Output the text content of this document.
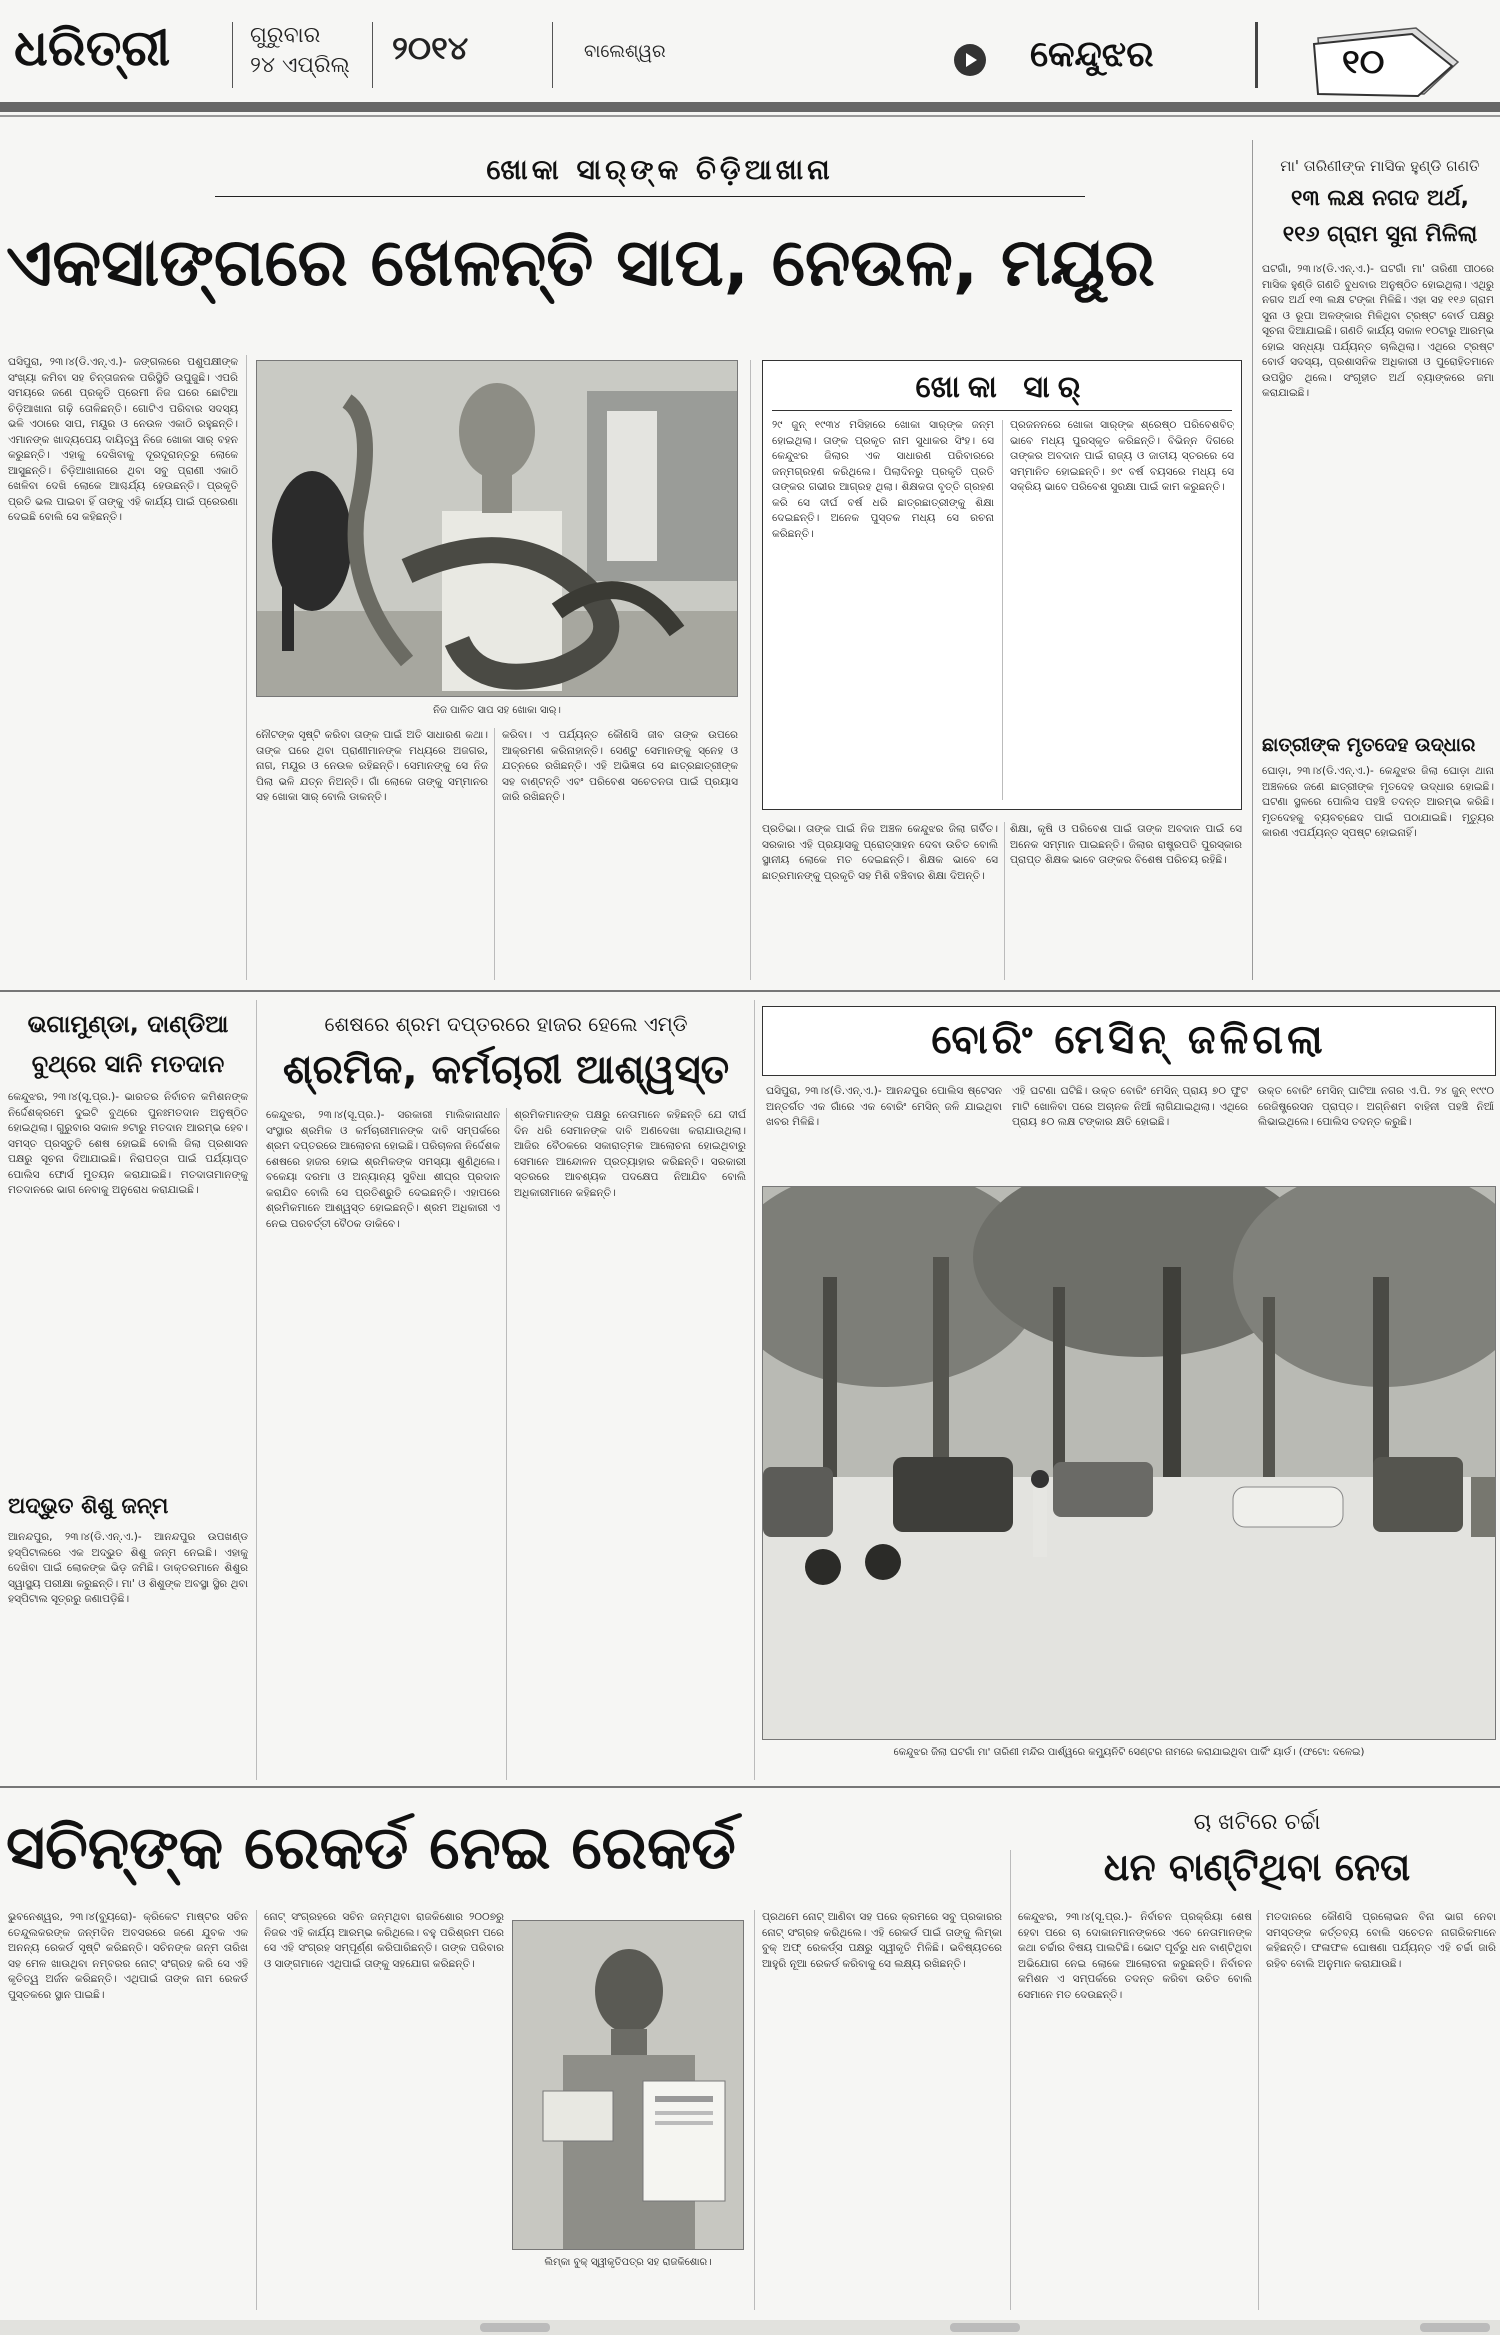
ଧରିତ୍ରୀ	ଗୁରୁବାର
୨୪ ଏପ୍ରିଲ୍ ୨୦୧୪	ବାଲେଶ୍ୱର	କେନ୍ଦୁଝର	୧୦
ଖୋକା ସାର୍‌ଙ୍କ ଚିଡ଼ିଆଖାନା
ଏକସାଙ୍ଗରେ ଖେଳନ୍ତି ସାପ, ନେଉଳ, ମୟୂର
ଘସିପୁରା, ୨୩।୪(ଡି.ଏନ୍.ଏ.)- ଜଙ୍ଗଲରେ ପଶୁପକ୍ଷୀଙ୍କ ସଂଖ୍ୟା କମିବା ସହ ଚିନ୍ତାଜନକ ପରିସ୍ଥିତି ଉପୁଜୁଛି। ଏପରି ସମୟରେ ଜଣେ ପ୍ରକୃତି ପ୍ରେମୀ ନିଜ ଘରେ ଛୋଟିଆ ଚିଡ଼ିଆଖାନା ଗଢ଼ି ତୋଳିଛନ୍ତି। ଗୋଟିଏ ପରିବାର ସଦସ୍ୟ ଭଳି ଏଠାରେ ସାପ, ମୟୂର ଓ ନେଉଳ ଏକାଠି ରହୁଛନ୍ତି। ଏମାନଙ୍କ ଖାଦ୍ୟପେୟ ଦାୟିତ୍ୱ ନିଜେ ଖୋକା ସାର୍ ବହନ କରୁଛନ୍ତି। ଏହାକୁ ଦେଖିବାକୁ ଦୂରଦୂରାନ୍ତରୁ ଲୋକେ ଆସୁଛନ୍ତି। ଚିଡ଼ିଆଖାନାରେ ଥିବା ସବୁ ପ୍ରାଣୀ ଏକାଠି ଖେଳିବା ଦେଖି ଲୋକେ ଆଶ୍ଚର୍ଯ୍ୟ ହେଉଛନ୍ତି। ପ୍ରକୃତି ପ୍ରତି ଭଲ ପାଇବା ହିଁ ତାଙ୍କୁ ଏହି କାର୍ଯ୍ୟ ପାଇଁ ପ୍ରେରଣା ଦେଇଛି ବୋଲି ସେ କହିଛନ୍ତି।
ନିଜ ପାଳିତ ସାପ ସହ ଖୋକା ସାର୍।
ନୌଟଙ୍କ ସୃଷ୍ଟି କରିବା ତାଙ୍କ ପାଇଁ ଅତି ସାଧାରଣ କଥା। ତାଙ୍କ ଘରେ ଥିବା ପ୍ରାଣୀମାନଙ୍କ ମଧ୍ୟରେ ଅଜଗର, ନାଗ, ମୟୂର ଓ ନେଉଳ ରହିଛନ୍ତି। ସେମାନଙ୍କୁ ସେ ନିଜ ପିଲା ଭଳି ଯତ୍ନ ନିଅନ୍ତି। ଗାଁ ଲୋକେ ତାଙ୍କୁ ସମ୍ମାନର ସହ ଖୋକା ସାର୍ ବୋଲି ଡାକନ୍ତି।
କରିବା। ଏ ପର୍ଯ୍ୟନ୍ତ କୌଣସି ଜୀବ ତାଙ୍କ ଉପରେ ଆକ୍ରମଣ କରିନାହାନ୍ତି। ସେଣ୍ଟୁ ସେମାନଙ୍କୁ ସ୍ନେହ ଓ ଯତ୍ନରେ ରଖିଛନ୍ତି। ଏହି ଅଭିଜ୍ଞତା ସେ ଛାତ୍ରଛାତ୍ରୀଙ୍କ ସହ ବାଣ୍ଟନ୍ତି ଏବଂ ପରିବେଶ ସଚେତନତା ପାଇଁ ପ୍ରୟାସ ଜାରି ରଖିଛନ୍ତି।
ଖୋକା ସାର୍
୨୯ ଜୁନ୍ ୧୯୩୪ ମସିହାରେ ଖୋକା ସାର୍‌ଙ୍କ ଜନ୍ମ ହୋଇଥିଲା। ତାଙ୍କ ପ୍ରକୃତ ନାମ ସୁଧାକର ସିଂହ। ସେ କେନ୍ଦୁଝର ଜିଲାର ଏକ ସାଧାରଣ ପରିବାରରେ ଜନ୍ମଗ୍ରହଣ କରିଥିଲେ। ପିଲାଦିନରୁ ପ୍ରକୃତି ପ୍ରତି ତାଙ୍କର ଗଭୀର ଆଗ୍ରହ ଥିଲା। ଶିକ୍ଷକତା ବୃତ୍ତି ଗ୍ରହଣ କରି ସେ ଦୀର୍ଘ ବର୍ଷ ଧରି ଛାତ୍ରଛାତ୍ରୀଙ୍କୁ ଶିକ୍ଷା ଦେଇଛନ୍ତି। ଅନେକ ପୁସ୍ତକ ମଧ୍ୟ ସେ ରଚନା କରିଛନ୍ତି।
ପ୍ରଜନନରେ ଖୋକା ସାର୍‌ଙ୍କ ଶ୍ରେଷ୍ଠ ପରିବେଶବିତ୍ ଭାବେ ମଧ୍ୟ ପୁରସ୍କୃତ କରିଛନ୍ତି। ବିଭିନ୍ନ ଦିଗରେ ତାଙ୍କର ଅବଦାନ ପାଇଁ ରାଜ୍ୟ ଓ ଜାତୀୟ ସ୍ତରରେ ସେ ସମ୍ମାନିତ ହୋଇଛନ୍ତି। ୭୯ ବର୍ଷ ବୟସରେ ମଧ୍ୟ ସେ ସକ୍ରିୟ ଭାବେ ପରିବେଶ ସୁରକ୍ଷା ପାଇଁ କାମ କରୁଛନ୍ତି।
ପ୍ରତିଭା। ତାଙ୍କ ପାଇଁ ନିଜ ଅଞ୍ଚଳ କେନ୍ଦୁଝର ଜିଲା ଗର୍ବିତ। ସରକାର ଏହି ପ୍ରୟାସକୁ ପ୍ରୋତ୍ସାହନ ଦେବା ଉଚିତ ବୋଲି ସ୍ଥାନୀୟ ଲୋକେ ମତ ଦେଇଛନ୍ତି। ଶିକ୍ଷକ ଭାବେ ସେ ଛାତ୍ରମାନଙ୍କୁ ପ୍ରକୃତି ସହ ମିଶି ବଞ୍ଚିବାର ଶିକ୍ଷା ଦିଅନ୍ତି।
ଶିକ୍ଷା, କୃଷି ଓ ପରିବେଶ ପାଇଁ ତାଙ୍କ ଅବଦାନ ପାଇଁ ସେ ଅନେକ ସମ୍ମାନ ପାଇଛନ୍ତି। ଜିଲାର ରାଷ୍ଟ୍ରପତି ପୁରସ୍କାର ପ୍ରାପ୍ତ ଶିକ୍ଷକ ଭାବେ ତାଙ୍କର ବିଶେଷ ପରିଚୟ ରହିଛି।
ମା' ତାରିଣୀଙ୍କ ମାସିକ ହୁଣ୍ଡି ଗଣତି
୧୩ ଲକ୍ଷ ନଗଦ ଅର୍ଥ,
୧୧୬ ଗ୍ରାମ ସୁନା ମିଳିଲା
ଘଟଗାଁ, ୨୩।୪(ଡି.ଏନ୍.ଏ.)- ଘଟଗାଁ ମା' ତାରିଣୀ ପୀଠରେ ମାସିକ ହୁଣ୍ଡି ଗଣତି ବୁଧବାର ଅନୁଷ୍ଠିତ ହୋଇଥିଲା। ଏଥିରୁ ନଗଦ ଅର୍ଥ ୧୩ ଲକ୍ଷ ଟଙ୍କା ମିଳିଛି। ଏହା ସହ ୧୧୬ ଗ୍ରାମ ସୁନା ଓ ରୂପା ଅଳଙ୍କାର ମିଳିଥିବା ଟ୍ରଷ୍ଟ ବୋର୍ଡ ପକ୍ଷରୁ ସୂଚନା ଦିଆଯାଇଛି। ଗଣତି କାର୍ଯ୍ୟ ସକାଳ ୧୦ଟାରୁ ଆରମ୍ଭ ହୋଇ ସନ୍ଧ୍ୟା ପର୍ଯ୍ୟନ୍ତ ଚାଲିଥିଲା। ଏଥିରେ ଟ୍ରଷ୍ଟ ବୋର୍ଡ ସଦସ୍ୟ, ପ୍ରଶାସନିକ ଅଧିକାରୀ ଓ ପୁରୋହିତମାନେ ଉପସ୍ଥିତ ଥିଲେ। ସଂଗୃହୀତ ଅର୍ଥ ବ୍ୟାଙ୍କରେ ଜମା କରାଯାଇଛି।
ଛାତ୍ରୀଙ୍କ ମୃତଦେହ ଉଦ୍ଧାର
ଘୋଡ଼ା, ୨୩।୪(ଡି.ଏନ୍.ଏ.)- କେନ୍ଦୁଝର ଜିଲା ଘୋଡ଼ା ଥାନା ଅଞ୍ଚଳରେ ଜଣେ ଛାତ୍ରୀଙ୍କ ମୃତଦେହ ଉଦ୍ଧାର ହୋଇଛି। ଘଟଣା ସ୍ଥଳରେ ପୋଲିସ ପହଞ୍ଚି ତଦନ୍ତ ଆରମ୍ଭ କରିଛି। ମୃତଦେହକୁ ବ୍ୟବଚ୍ଛେଦ ପାଇଁ ପଠାଯାଇଛି। ମୃତ୍ୟୁର କାରଣ ଏପର୍ଯ୍ୟନ୍ତ ସ୍ପଷ୍ଟ ହୋଇନାହିଁ।
ଭଗାମୁଣ୍ଡା, ଦାଣ୍ଡିଆ
ବୁଥ୍‌ରେ ସାନି ମତଦାନ
କେନ୍ଦୁଝର, ୨୩।୪(ସୂ.ପ୍ର.)- ଭାରତର ନିର୍ବାଚନ କମିଶନଙ୍କ ନିର୍ଦ୍ଦେଶକ୍ରମେ ଦୁଇଟି ବୁଥ୍‌ରେ ପୁନଃମତଦାନ ଅନୁଷ୍ଠିତ ହୋଇଥିଲା। ଗୁରୁବାର ସକାଳ ୭ଟାରୁ ମତଦାନ ଆରମ୍ଭ ହେବ। ସମସ୍ତ ପ୍ରସ୍ତୁତି ଶେଷ ହୋଇଛି ବୋଲି ଜିଲା ପ୍ରଶାସନ ପକ୍ଷରୁ ସୂଚନା ଦିଆଯାଇଛି। ନିରାପତ୍ତା ପାଇଁ ପର୍ଯ୍ୟାପ୍ତ ପୋଲିସ ଫୋର୍ସ ମୁତୟନ କରାଯାଇଛି। ମତଦାତାମାନଙ୍କୁ ମତଦାନରେ ଭାଗ ନେବାକୁ ଅନୁରୋଧ କରାଯାଇଛି।
ଅଦ୍ଭୁତ ଶିଶୁ ଜନ୍ମ
ଆନନ୍ଦପୁର, ୨୩।୪(ଡି.ଏନ୍.ଏ.)- ଆନନ୍ଦପୁର ଉପଖଣ୍ଡ ହସ୍ପିଟାଲରେ ଏକ ଅଦ୍ଭୁତ ଶିଶୁ ଜନ୍ମ ନେଇଛି। ଏହାକୁ ଦେଖିବା ପାଇଁ ଲୋକଙ୍କ ଭିଡ଼ ଜମିଛି। ଡାକ୍ତରମାନେ ଶିଶୁର ସ୍ୱାସ୍ଥ୍ୟ ପରୀକ୍ଷା କରୁଛନ୍ତି। ମା' ଓ ଶିଶୁଙ୍କ ଅବସ୍ଥା ସ୍ଥିର ଥିବା ହସ୍ପିଟାଲ ସୂତ୍ରରୁ ଜଣାପଡ଼ିଛି।
ଶେଷରେ ଶ୍ରମ ଦପ୍ତରରେ ହାଜର ହେଲେ ଏମ୍‌ଡି
ଶ୍ରମିକ, କର୍ମଚାରୀ ଆଶ୍ୱସ୍ତ
କେନ୍ଦୁଝର, ୨୩।୪(ସୂ.ପ୍ର.)- ସରକାରୀ ମାଲିକାନାଧୀନ ସଂସ୍ଥାର ଶ୍ରମିକ ଓ କର୍ମଚାରୀମାନଙ୍କ ଦାବି ସମ୍ପର୍କରେ ଶ୍ରମ ଦପ୍ତରରେ ଆଲୋଚନା ହୋଇଛି। ପରିଚାଳନା ନିର୍ଦ୍ଦେଶକ ଶେଷରେ ହାଜର ହୋଇ ଶ୍ରମିକଙ୍କ ସମସ୍ୟା ଶୁଣିଥିଲେ। ବକେୟା ଦରମା ଓ ଅନ୍ୟାନ୍ୟ ସୁବିଧା ଶୀଘ୍ର ପ୍ରଦାନ କରାଯିବ ବୋଲି ସେ ପ୍ରତିଶ୍ରୁତି ଦେଇଛନ୍ତି। ଏହାପରେ ଶ୍ରମିକମାନେ ଆଶ୍ୱସ୍ତ ହୋଇଛନ୍ତି। ଶ୍ରମ ଅଧିକାରୀ ଏ ନେଇ ପରବର୍ତ୍ତୀ ବୈଠକ ଡାକିବେ।
ଶ୍ରମିକମାନଙ୍କ ପକ୍ଷରୁ ନେତାମାନେ କହିଛନ୍ତି ଯେ ଦୀର୍ଘ ଦିନ ଧରି ସେମାନଙ୍କ ଦାବି ଅଣଦେଖା କରାଯାଉଥିଲା। ଆଜିର ବୈଠକରେ ସକାରାତ୍ମକ ଆଲୋଚନା ହୋଇଥିବାରୁ ସେମାନେ ଆନ୍ଦୋଳନ ପ୍ରତ୍ୟାହାର କରିଛନ୍ତି। ସରକାରୀ ସ୍ତରରେ ଆବଶ୍ୟକ ପଦକ୍ଷେପ ନିଆଯିବ ବୋଲି ଅଧିକାରୀମାନେ କହିଛନ୍ତି।
ବୋରିଂ ମେସିନ୍ ଜଳିଗଲା
ଘସିପୁରା, ୨୩।୪(ଡି.ଏନ୍.ଏ.)- ଆନନ୍ଦପୁର ପୋଲିସ ଷ୍ଟେସନ ଅନ୍ତର୍ଗତ ଏକ ଗାଁରେ ଏକ ବୋରିଂ ମେସିନ୍ ଜଳି ଯାଇଥିବା ଖବର ମିଳିଛି।
ଏହି ଘଟଣା ଘଟିଛି। ଉକ୍ତ ବୋରିଂ ମେସିନ୍ ପ୍ରାୟ ୭୦ ଫୁଟ ମାଟି ଖୋଳିବା ପରେ ଅଚାନକ ନିଆଁ ଲାଗିଯାଇଥିଲା। ଏଥିରେ ପ୍ରାୟ ୫୦ ଲକ୍ଷ ଟଙ୍କାର କ୍ଷତି ହୋଇଛି।
ଉକ୍ତ ବୋରିଂ ମେସିନ୍ ଘାଟିଆ ନଗର ଏ.ପି. ୨୪ ଜୁନ୍ ୧୯୯୦ ରେଜିଷ୍ଟ୍ରେସନ ପ୍ରାପ୍ତ। ଅଗ୍ନିଶମ ବାହିନୀ ପହଞ୍ଚି ନିଆଁ ଲିଭାଇଥିଲେ। ପୋଲିସ ତଦନ୍ତ କରୁଛି।
କେନ୍ଦୁଝର ଜିଲା ଘଟଗାଁ ମା' ତାରିଣୀ ମନ୍ଦିର ପାର୍ଶ୍ୱରେ କମ୍ୟୁନିଟି ସେଣ୍ଟର ନାମରେ କରାଯାଇଥିବା ପାର୍କିଂ ୟାର୍ଡ। (ଫଟୋ: ଦଳେଇ)
ସଚିନ୍‌ଙ୍କ ରେକର୍ଡ ନେଇ ରେକର୍ଡ
ଭୁବନେଶ୍ୱର, ୨୩।୪(ବ୍ୟୁରୋ)- କ୍ରିକେଟ ମାଷ୍ଟର ସଚିନ ତେନ୍ଦୁଲକରଙ୍କ ଜନ୍ମଦିନ ଅବସରରେ ଜଣେ ଯୁବକ ଏକ ଅନନ୍ୟ ରେକର୍ଡ ସୃଷ୍ଟି କରିଛନ୍ତି। ସଚିନଙ୍କ ଜନ୍ମ ତାରିଖ ସହ ମେଳ ଖାଉଥିବା ନମ୍ବରର ନୋଟ୍ ସଂଗ୍ରହ କରି ସେ ଏହି କୃତିତ୍ୱ ଅର୍ଜନ କରିଛନ୍ତି। ଏଥିପାଇଁ ତାଙ୍କ ନାମ ରେକର୍ଡ ପୁସ୍ତକରେ ସ୍ଥାନ ପାଇଛି।
ନୋଟ୍ ସଂଗ୍ରହରେ ସଚିନ ଜନ୍ମଥିବା ରାଜକିଶୋର ୨୦୦୭ରୁ ନିଜର ଏହି କାର୍ଯ୍ୟ ଆରମ୍ଭ କରିଥିଲେ। ବହୁ ପରିଶ୍ରମ ପରେ ସେ ଏହି ସଂଗ୍ରହ ସମ୍ପୂର୍ଣ୍ଣ କରିପାରିଛନ୍ତି। ତାଙ୍କ ପରିବାର ଓ ସାଙ୍ଗମାନେ ଏଥିପାଇଁ ତାଙ୍କୁ ସହଯୋଗ କରିଛନ୍ତି।
ଲିମ୍କା ବୁକ୍ ସ୍ୱୀକୃତିପତ୍ର ସହ ରାଜକିଶୋର।
ପ୍ରଥମେ ନୋଟ୍ ଆଣିବା ସହ ପରେ କ୍ରମରେ ସବୁ ପ୍ରକାରର ନୋଟ୍ ସଂଗ୍ରହ କରିଥିଲେ। ଏହି ରେକର୍ଡ ପାଇଁ ତାଙ୍କୁ ଲିମ୍କା ବୁକ୍ ଅଫ୍ ରେକର୍ଡ୍ସ ପକ୍ଷରୁ ସ୍ୱୀକୃତି ମିଳିଛି। ଭବିଷ୍ୟତରେ ଆହୁରି ନୂଆ ରେକର୍ଡ କରିବାକୁ ସେ ଲକ୍ଷ୍ୟ ରଖିଛନ୍ତି।
ଚା ଖଟିରେ ଚର୍ଚ୍ଚା
ଧନ ବାଣ୍ଟିଥିବା ନେତା
କେନ୍ଦୁଝର, ୨୩।୪(ସୂ.ପ୍ର.)- ନିର୍ବାଚନ ପ୍ରକ୍ରିୟା ଶେଷ ହେବା ପରେ ଚା ଦୋକାନମାନଙ୍କରେ ଏବେ ନେତାମାନଙ୍କ କଥା ଚର୍ଚ୍ଚାର ବିଷୟ ପାଲଟିଛି। ଭୋଟ ପୂର୍ବରୁ ଧନ ବାଣ୍ଟିଥିବା ଅଭିଯୋଗ ନେଇ ଲୋକେ ଆଲୋଚନା କରୁଛନ୍ତି। ନିର୍ବାଚନ କମିଶନ ଏ ସମ୍ପର୍କରେ ତଦନ୍ତ କରିବା ଉଚିତ ବୋଲି ସେମାନେ ମତ ଦେଉଛନ୍ତି।
ମତଦାନରେ କୌଣସି ପ୍ରଲୋଭନ ବିନା ଭାଗ ନେବା ସମସ୍ତଙ୍କ କର୍ତ୍ତବ୍ୟ ବୋଲି ସଚେତନ ନାଗରିକମାନେ କହିଛନ୍ତି। ଫଳାଫଳ ଘୋଷଣା ପର୍ଯ୍ୟନ୍ତ ଏହି ଚର୍ଚ୍ଚା ଜାରି ରହିବ ବୋଲି ଅନୁମାନ କରାଯାଉଛି।
